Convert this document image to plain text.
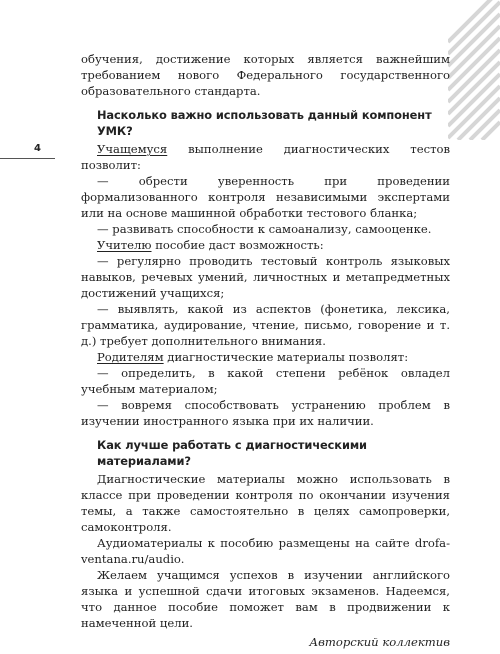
4

обучения, достижение которых является важнейшим требованием нового Федерального государственного образовательного стандарта.

Насколько важно использовать данный компонент УМК?

Учащемуся выполнение диагностических тестов позволит:

— обрести уверенность при проведении формализованного контроля независимыми экспертами или на основе машинной обработки тестового бланка;

— развивать способности к самоанализу, самооценке.

Учителю пособие даст возможность:

— регулярно проводить тестовый контроль языковых навыков, речевых умений, личностных и метапредметных достижений учащихся;

— выявлять, какой из аспектов (фонетика, лексика, грамматика, аудирование, чтение, письмо, говорение и т. д.) требует дополнительного внимания.

Родителям диагностические материалы позволят:

— определить, в какой степени ребёнок овладел учебным материалом;

— вовремя способствовать устранению проблем в изучении иностранного языка при их наличии.

Как лучше работать с диагностическими материалами?

Диагностические материалы можно использовать в классе при проведении контроля по окончании изучения темы, а также самостоятельно в целях самопроверки, самоконтроля.

Аудиоматериалы к пособию размещены на сайте drofa-ventana.ru/audio.

Желаем учащимся успехов в изучении английского языка и успешной сдачи итоговых экзаменов. Надеемся, что данное пособие поможет вам в продвижении к намеченной цели.

Авторский коллектив
